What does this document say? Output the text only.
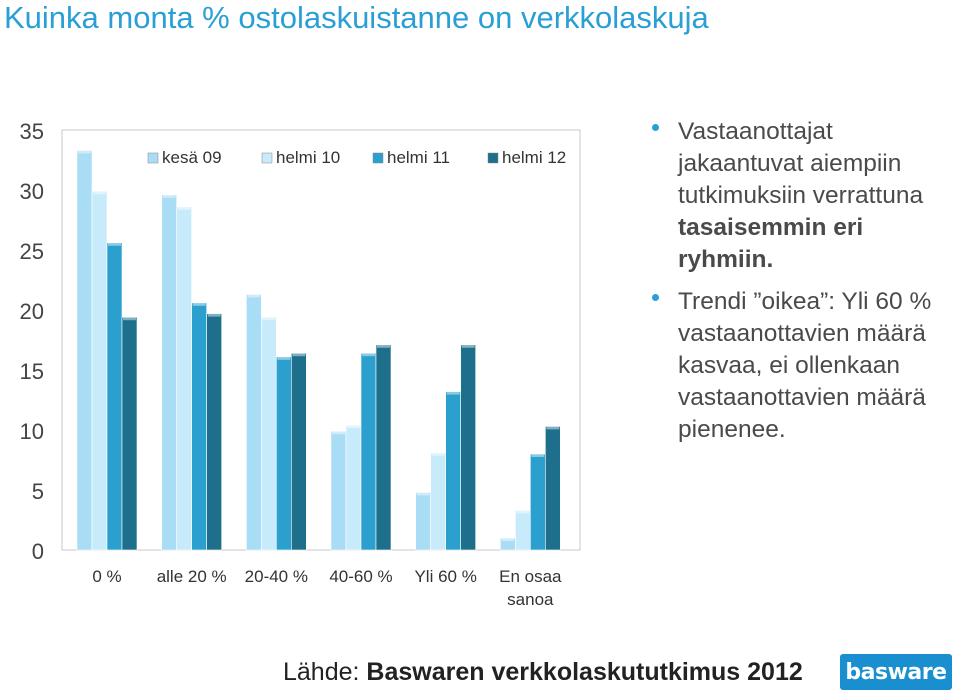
Kuinka monta % ostolaskuistanne on verkkolaskuja
0
5
10
15
20
25
30
35
0 % alle 20 % 20-40 % 40-60 % Yli 60 % En osaa
sanoa
kesä 09	helmi 10	helmi 11	helmi 12
Vastaanottajat jakaantuvat aiempiin tutkimuksiin verrattuna tasaisemmin eri ryhmiin.
Trendi ”oikea”: Yli 60 % vastaanottavien määrä kasvaa, ei ollenkaan vastaanottavien määrä pienenee.
Lähde: Baswaren verkkolaskututkimus 2012 basware
